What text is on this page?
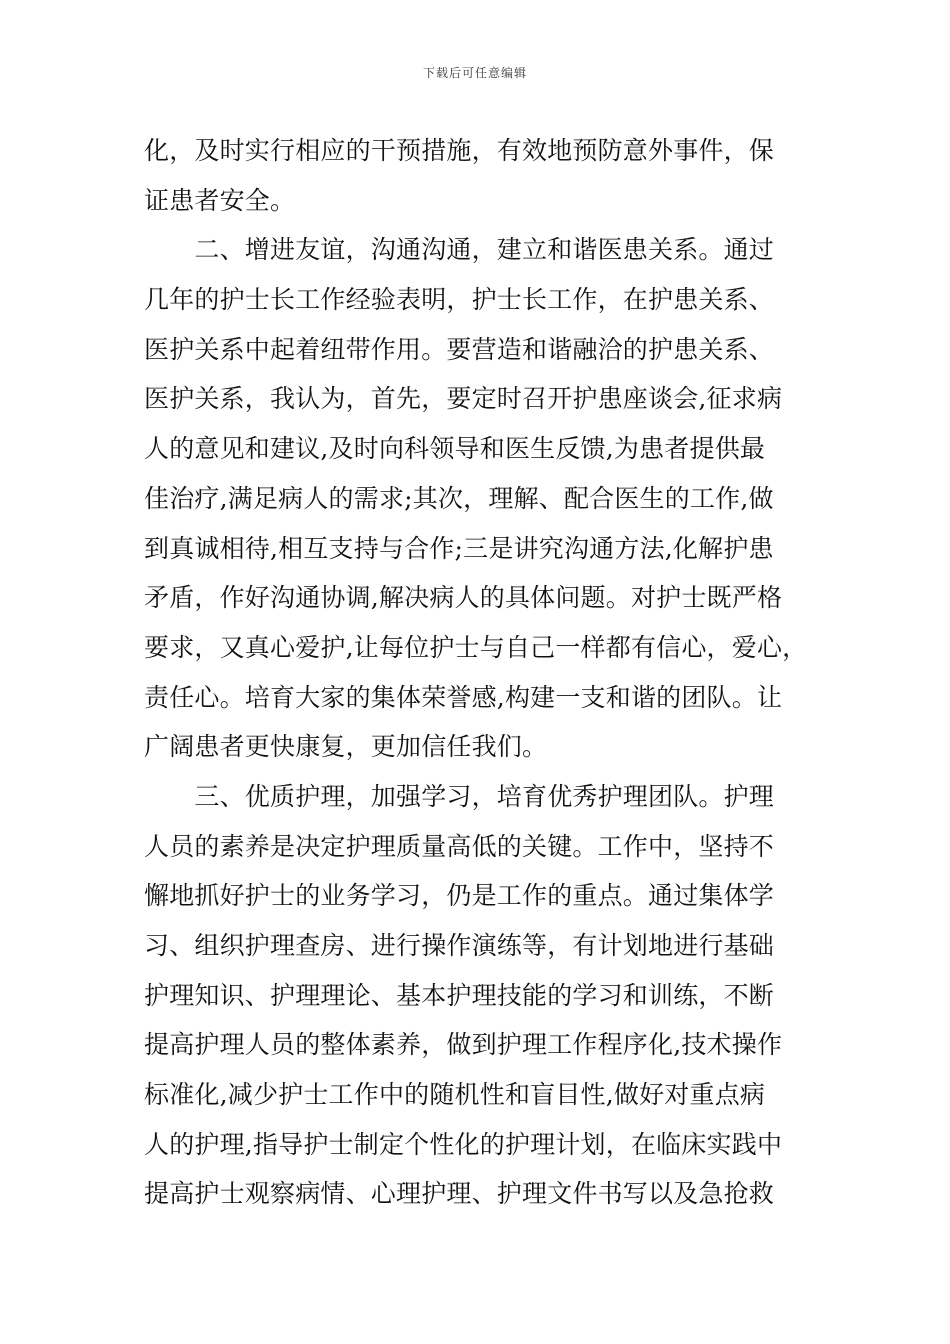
下载后可任意编辑
化，及时实行相应的干预措施，有效地预防意外事件，保
证患者安全。
　　二、增进友谊，沟通沟通，建立和谐医患关系。通过
几年的护士长工作经验表明，护士长工作，在护患关系、
医护关系中起着纽带作用。要营造和谐融洽的护患关系、
医护关系，我认为，首先，要定时召开护患座谈会,征求病
人的意见和建议,及时向科领导和医生反馈,为患者提供最
佳治疗,满足病人的需求;其次，理解、配合医生的工作,做
到真诚相待,相互支持与合作;三是讲究沟通方法,化解护患
矛盾，作好沟通协调,解决病人的具体问题。对护士既严格
要求，又真心爱护,让每位护士与自己一样都有信心，爱心，
责任心。培育大家的集体荣誉感,构建一支和谐的团队。让
广阔患者更快康复，更加信任我们。
　　三、优质护理，加强学习，培育优秀护理团队。护理
人员的素养是决定护理质量高低的关键。工作中，坚持不
懈地抓好护士的业务学习，仍是工作的重点。通过集体学
习、组织护理查房、进行操作演练等，有计划地进行基础
护理知识、护理理论、基本护理技能的学习和训练，不断
提高护理人员的整体素养，做到护理工作程序化,技术操作
标准化,减少护士工作中的随机性和盲目性,做好对重点病
人的护理,指导护士制定个性化的护理计划，在临床实践中
提高护士观察病情、心理护理、护理文件书写以及急抢救
